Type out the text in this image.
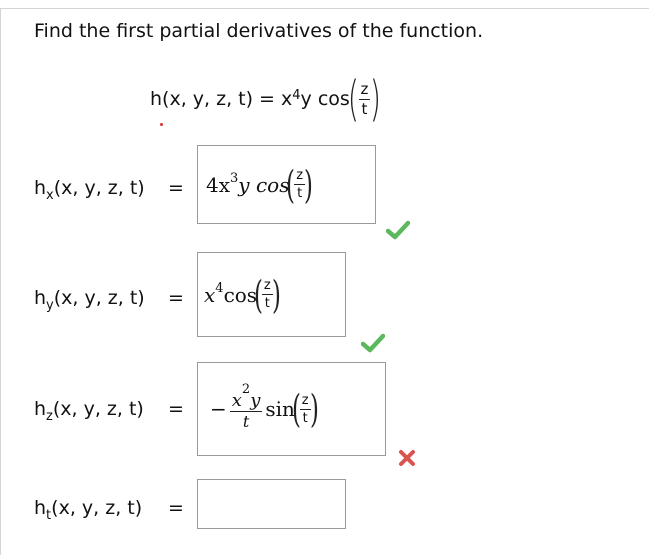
Find the first partial derivatives of the function.
h(x, y, z, $t) = x^4$ y cos
( $\frac{z}{t}$ )
$h_x(x$, y, z, $t) = 4x^3$ y cos
(
$\frac{z}{t}$
)
$h_y(x$, y, z, $t) = x^4$ cos
(
$\frac{z}{t}$
)
$h_z(x$, y, z, t) = − $\frac{x^2y}{t}$ sin
(
$\frac{z}{t}$
)
$h_t(x$, y, z, t) =
